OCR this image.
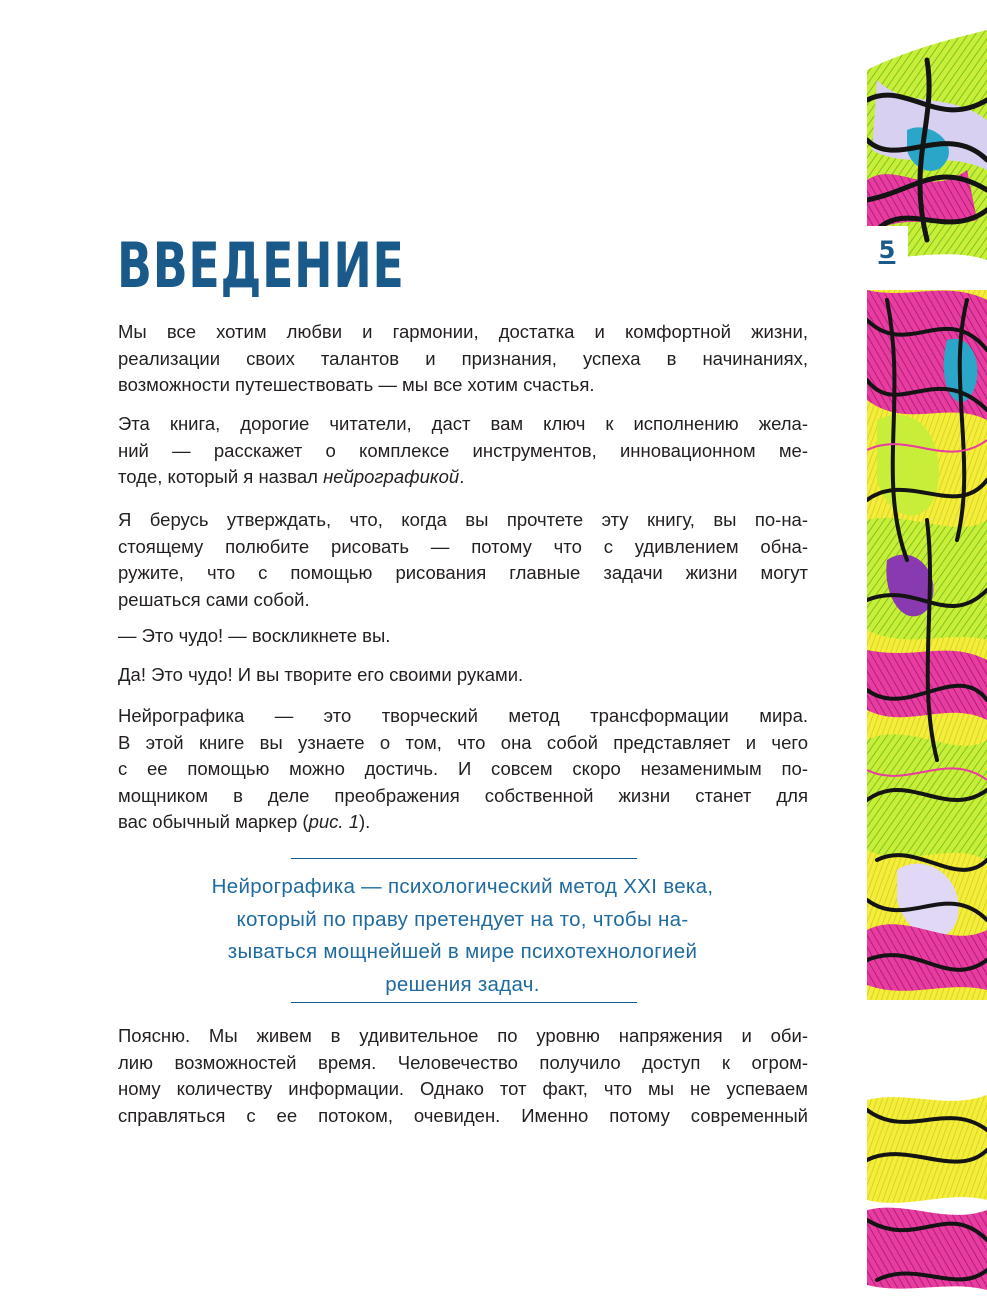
5
ВВЕДЕНИЕ

Мы все хотим любви и гармонии, достатка и комфортной жизни,
реализации своих талантов и признания, успеха в начинаниях,
возможности путешествовать — мы все хотим счастья.

Эта книга, дорогие читатели, даст вам ключ к исполнению жела-
ний — расскажет о комплексе инструментов, инновационном ме-
тоде, который я назвал нейрографикой.

Я берусь утверждать, что, когда вы прочтете эту книгу, вы по-на-
стоящему полюбите рисовать — потому что с удивлением обна-
ружите, что с помощью рисования главные задачи жизни могут
решаться сами собой.

— Это чудо! — воскликнете вы.

Да! Это чудо! И вы творите его своими руками.

Нейрографика — это творческий метод трансформации мира.
В этой книге вы узнаете о том, что она собой представляет и чего
с ее помощью можно достичь. И совсем скоро незаменимым по-
мощником в деле преображения собственной жизни станет для
вас обычный маркер (рис. 1).

Нейрографика — психологический метод XXI века,
который по праву претендует на то, чтобы на-
зываться мощнейшей в мире психотехнологией
решения задач.

Поясню. Мы живем в удивительное по уровню напряжения и оби-
лию возможностей время. Человечество получило доступ к огром-
ному количеству информации. Однако тот факт, что мы не успеваем
справляться с ее потоком, очевиден. Именно потому современный
